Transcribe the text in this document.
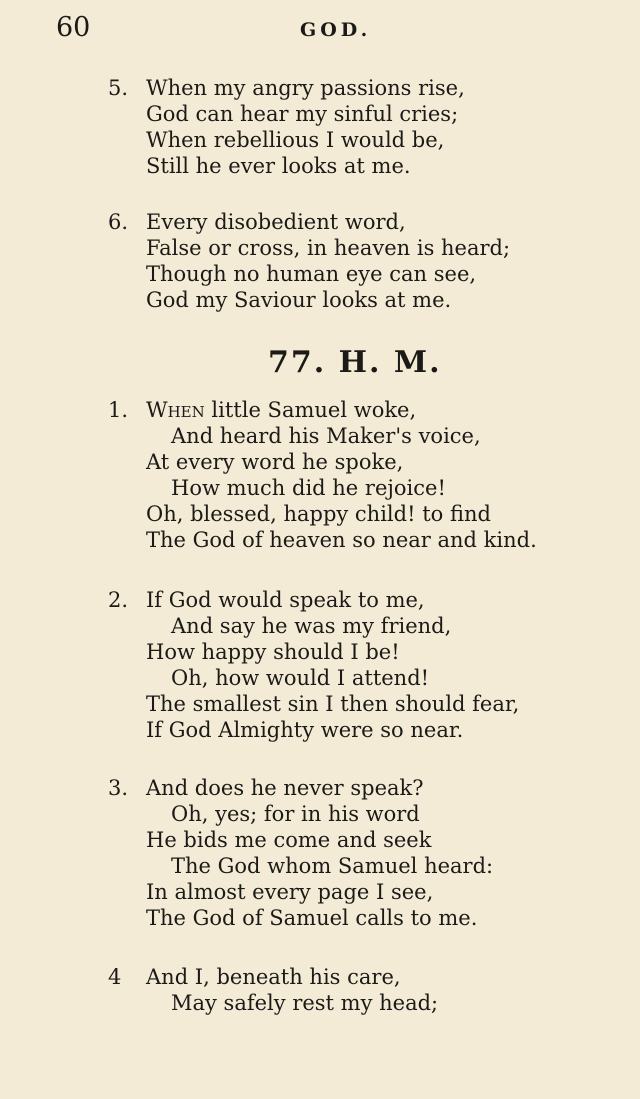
60	GOD.
5. When my angry passions rise,
God can hear my sinful cries;
When rebellious I would be,
Still he ever looks at me.
6. Every disobedient word,
False or cross, in heaven is heard;
Though no human eye can see,
God my Saviour looks at me.
77. H. M.
1. When little Samuel woke,
And heard his Maker's voice,
At every word he spoke,
How much did he rejoice!
Oh, blessed, happy child! to find
The God of heaven so near and kind.
2. If God would speak to me,
And say he was my friend,
How happy should I be!
Oh, how would I attend!
The smallest sin I then should fear,
If God Almighty were so near.
3. And does he never speak?
Oh, yes; for in his word
He bids me come and seek
The God whom Samuel heard:
In almost every page I see,
The God of Samuel calls to me.
4 And I, beneath his care,
May safely rest my head;
